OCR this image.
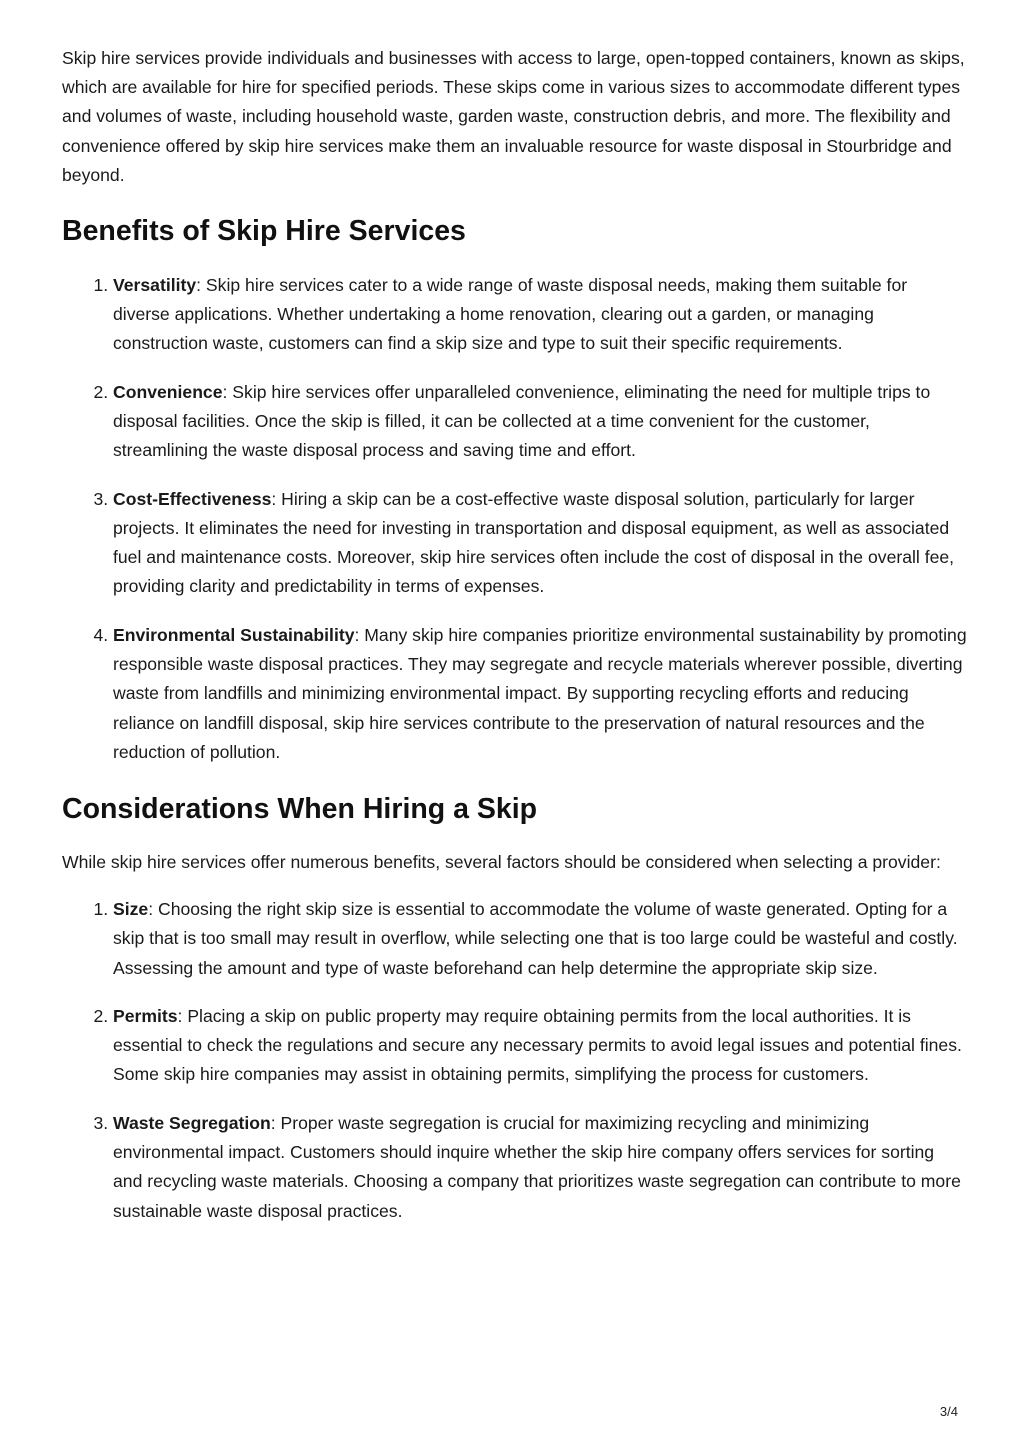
Skip hire services provide individuals and businesses with access to large, open-topped containers, known as skips, which are available for hire for specified periods. These skips come in various sizes to accommodate different types and volumes of waste, including household waste, garden waste, construction debris, and more. The flexibility and convenience offered by skip hire services make them an invaluable resource for waste disposal in Stourbridge and beyond.

Benefits of Skip Hire Services
1. Versatility: Skip hire services cater to a wide range of waste disposal needs, making them suitable for diverse applications. Whether undertaking a home renovation, clearing out a garden, or managing construction waste, customers can find a skip size and type to suit their specific requirements.
2. Convenience: Skip hire services offer unparalleled convenience, eliminating the need for multiple trips to disposal facilities. Once the skip is filled, it can be collected at a time convenient for the customer, streamlining the waste disposal process and saving time and effort.
3. Cost-Effectiveness: Hiring a skip can be a cost-effective waste disposal solution, particularly for larger projects. It eliminates the need for investing in transportation and disposal equipment, as well as associated fuel and maintenance costs. Moreover, skip hire services often include the cost of disposal in the overall fee, providing clarity and predictability in terms of expenses.
4. Environmental Sustainability: Many skip hire companies prioritize environmental sustainability by promoting responsible waste disposal practices. They may segregate and recycle materials wherever possible, diverting waste from landfills and minimizing environmental impact. By supporting recycling efforts and reducing reliance on landfill disposal, skip hire services contribute to the preservation of natural resources and the reduction of pollution.
Considerations When Hiring a Skip

While skip hire services offer numerous benefits, several factors should be considered when selecting a provider:

1. Size: Choosing the right skip size is essential to accommodate the volume of waste generated. Opting for a skip that is too small may result in overflow, while selecting one that is too large could be wasteful and costly. Assessing the amount and type of waste beforehand can help determine the appropriate skip size.
2. Permits: Placing a skip on public property may require obtaining permits from the local authorities. It is essential to check the regulations and secure any necessary permits to avoid legal issues and potential fines. Some skip hire companies may assist in obtaining permits, simplifying the process for customers.
3. Waste Segregation: Proper waste segregation is crucial for maximizing recycling and minimizing environmental impact. Customers should inquire whether the skip hire company offers services for sorting and recycling waste materials. Choosing a company that prioritizes waste segregation can contribute to more sustainable waste disposal practices.
3/4
